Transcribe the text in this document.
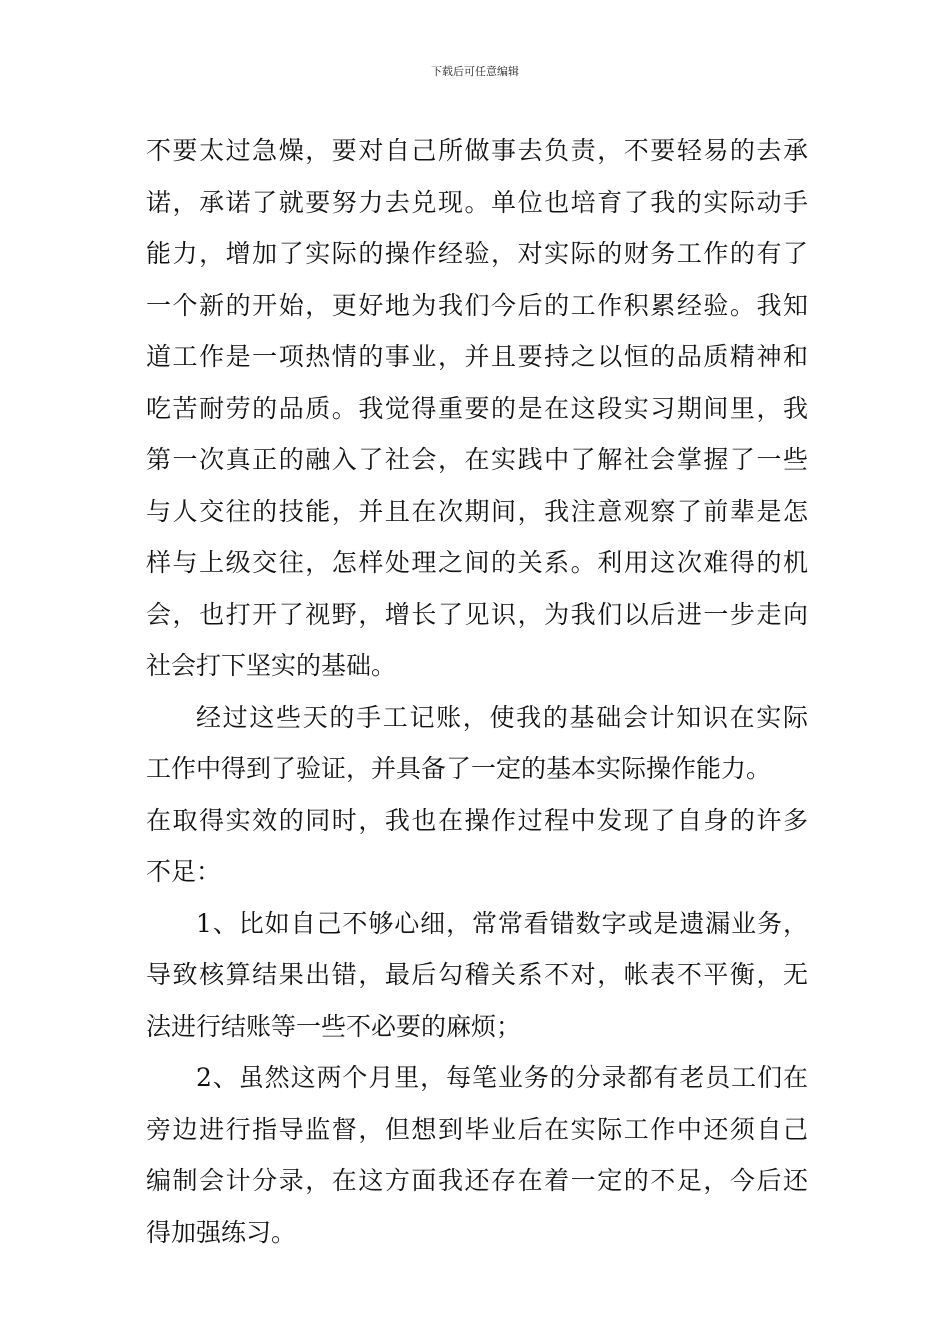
下载后可任意编辑
不要太过急燥，要对自己所做事去负责，不要轻易的去承
诺，承诺了就要努力去兑现。单位也培育了我的实际动手
能力，增加了实际的操作经验，对实际的财务工作的有了
一个新的开始，更好地为我们今后的工作积累经验。我知
道工作是一项热情的事业，并且要持之以恒的品质精神和
吃苦耐劳的品质。我觉得重要的是在这段实习期间里，我
第一次真正的融入了社会，在实践中了解社会掌握了一些
与人交往的技能，并且在次期间，我注意观察了前辈是怎
样与上级交往，怎样处理之间的关系。利用这次难得的机
会，也打开了视野，增长了见识，为我们以后进一步走向
社会打下坚实的基础。
经过这些天的手工记账，使我的基础会计知识在实际
工作中得到了验证，并具备了一定的基本实际操作能力。
在取得实效的同时，我也在操作过程中发现了自身的许多
不足：
1、比如自己不够心细，常常看错数字或是遗漏业务，
导致核算结果出错，最后勾稽关系不对，帐表不平衡，无
法进行结账等一些不必要的麻烦；
2、虽然这两个月里，每笔业务的分录都有老员工们在
旁边进行指导监督，但想到毕业后在实际工作中还须自己
编制会计分录，在这方面我还存在着一定的不足，今后还
得加强练习。
